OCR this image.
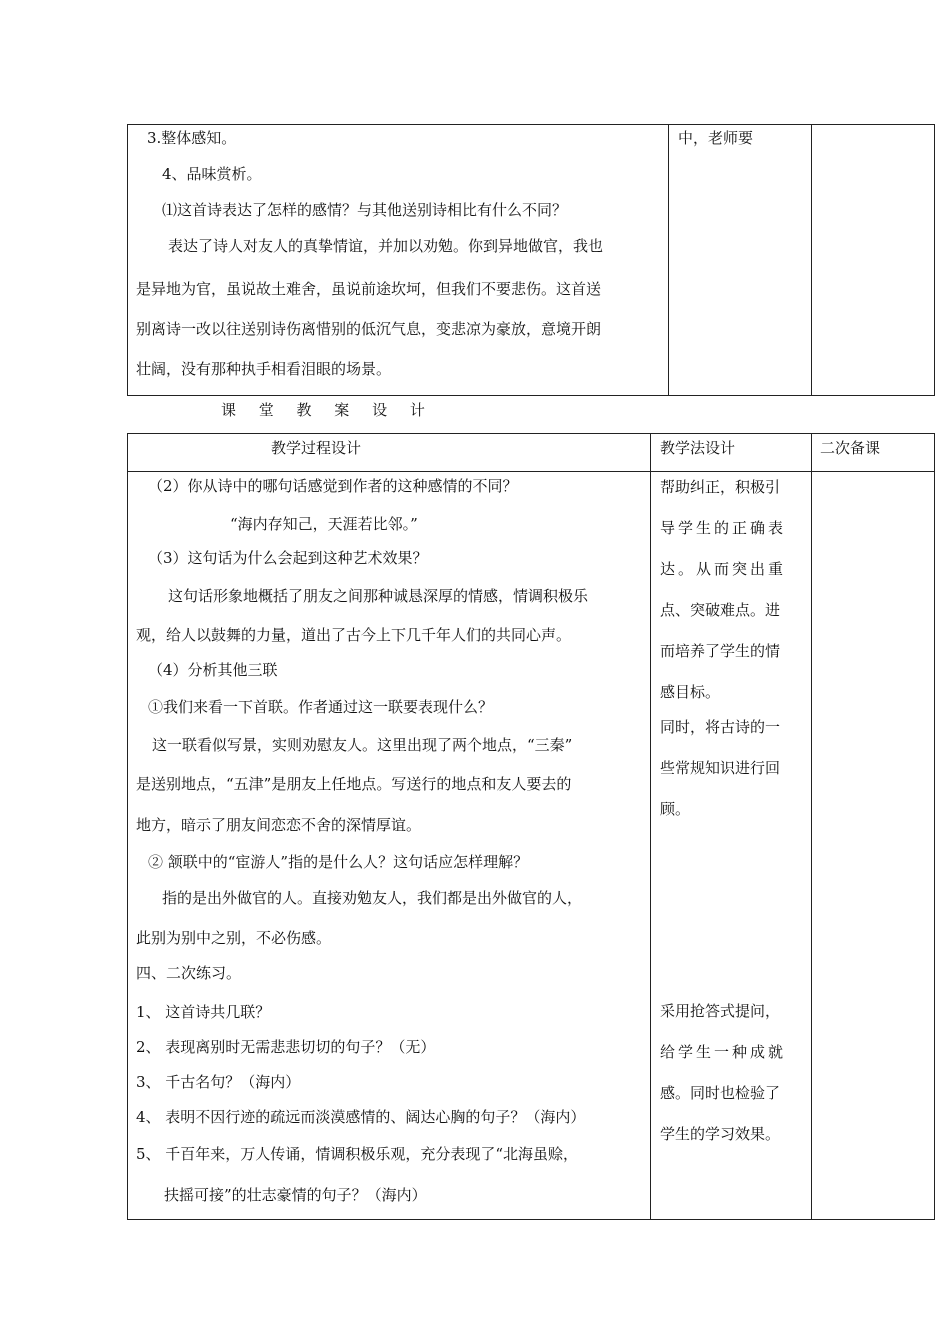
3.整体感知。
4、品味赏析。
⑴这首诗表达了怎样的感情？与其他送别诗相比有什么不同？
表达了诗人对友人的真挚情谊，并加以劝勉。你到异地做官，我也
是异地为官，虽说故土难舍，虽说前途坎坷，但我们不要悲伤。这首送
别离诗一改以往送别诗伤离惜别的低沉气息，变悲凉为豪放，意境开朗
壮阔，没有那种执手相看泪眼的场景。
中，老师要
课 堂 教 案 设 计
教学过程设计	教学法设计	二次备课
（2）你从诗中的哪句话感觉到作者的这种感情的不同？
“海内存知己，天涯若比邻。”
（3）这句话为什么会起到这种艺术效果？
这句话形象地概括了朋友之间那种诚恳深厚的情感，情调积极乐
观，给人以鼓舞的力量，道出了古今上下几千年人们的共同心声。
（4）分析其他三联
①我们来看一下首联。作者通过这一联要表现什么？
这一联看似写景，实则劝慰友人。这里出现了两个地点，“三秦”
是送别地点，“五津”是朋友上任地点。写送行的地点和友人要去的
地方，暗示了朋友间恋恋不舍的深情厚谊。
② 颔联中的“宦游人”指的是什么人？这句话应怎样理解？
指的是出外做官的人。直接劝勉友人，我们都是出外做官的人，
此别为别中之别，不必伤感。
四、二次练习。
1、 这首诗共几联？
2、 表现离别时无需悲悲切切的句子？（无）
3、 千古名句？（海内）
4、 表明不因行迹的疏远而淡漠感情的、阔达心胸的句子？（海内）
5、 千百年来，万人传诵，情调积极乐观，充分表现了“北海虽赊，
扶摇可接”的壮志豪情的句子？（海内）
帮助纠正，积极引
导学生的正确表
达。从而突出重
点、突破难点。进
而培养了学生的情
感目标。
同时，将古诗的一
些常规知识进行回
顾。
采用抢答式提问，
给学生一种成就
感。同时也检验了
学生的学习效果。
